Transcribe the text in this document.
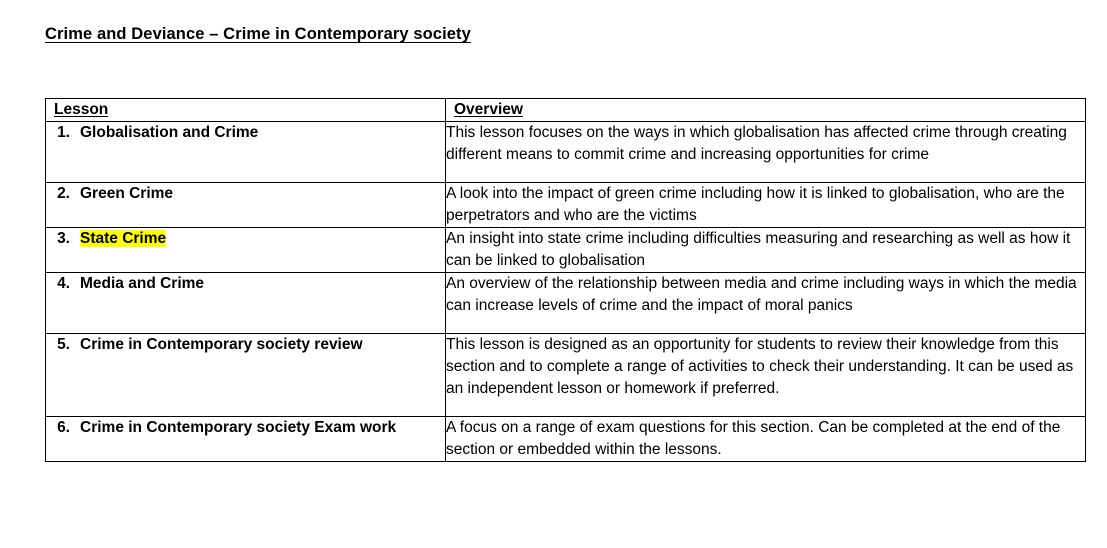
Crime and Deviance – Crime in Contemporary society
Lesson	Overview

1. Globalisation and Crime	This lesson focuses on the ways in which globalisation has affected crime through creating different means to commit crime and increasing opportunities for crime

2. Green Crime	A look into the impact of green crime including how it is linked to globalisation, who are the perpetrators and who are the victims

3. State Crime	An insight into state crime including difficulties measuring and researching as well as how it can be linked to globalisation

4. Media and Crime	An overview of the relationship between media and crime including ways in which the media can increase levels of crime and the impact of moral panics

5. Crime in Contemporary society review	This lesson is designed as an opportunity for students to review their knowledge from this section and to complete a range of activities to check their understanding. It can be used as an independent lesson or homework if preferred.

6. Crime in Contemporary society Exam work	A focus on a range of exam questions for this section. Can be completed at the end of the section or embedded within the lessons.
